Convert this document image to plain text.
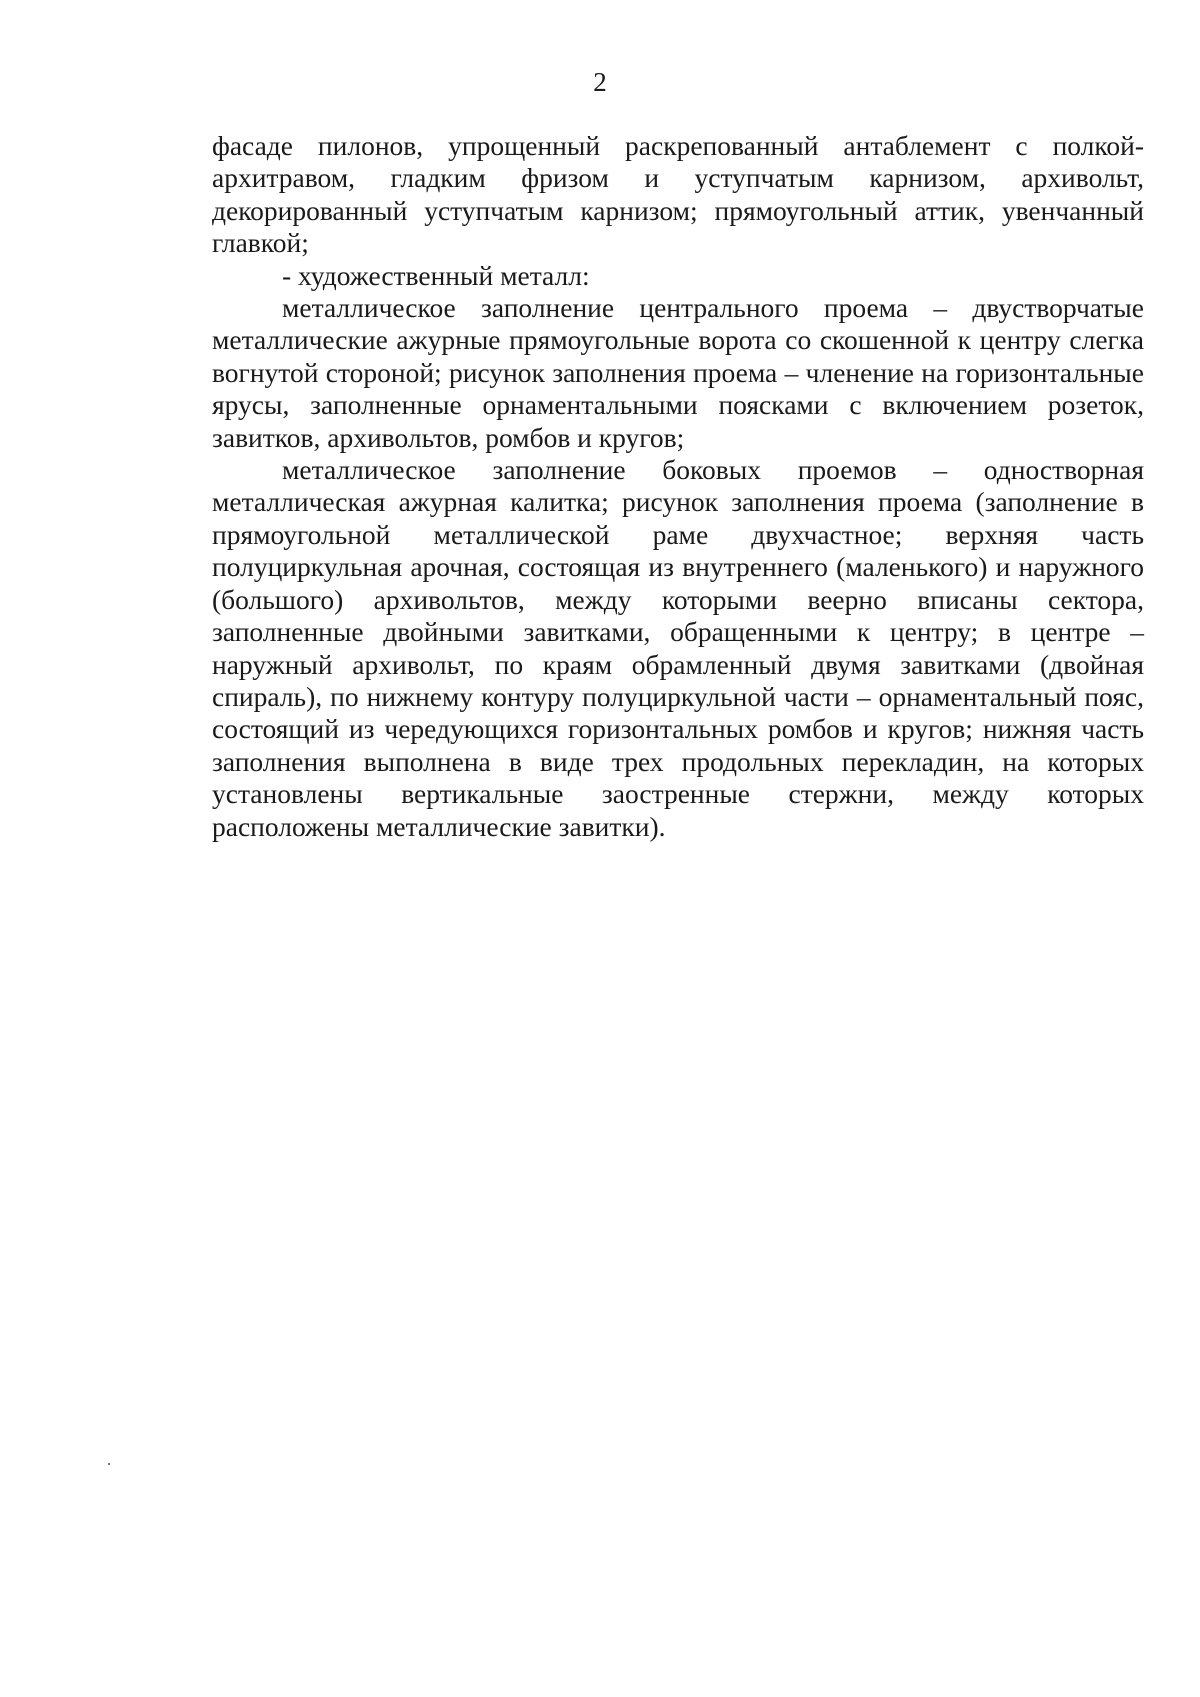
2

фасаде пилонов, упрощенный раскрепованный антаблемент с полкой-архитравом, гладким фризом и уступчатым карнизом, архивольт, декорированный уступчатым карнизом; прямоугольный аттик, увенчанный главкой;

- художественный металл:

металлическое заполнение центрального проема – двустворчатые металлические ажурные прямоугольные ворота со скошенной к центру слегка вогнутой стороной; рисунок заполнения проема – членение на горизонтальные ярусы, заполненные орнаментальными поясками с включением розеток, завитков, архивольтов, ромбов и кругов;

металлическое заполнение боковых проемов – одностворная металлическая ажурная калитка; рисунок заполнения проема (заполнение в прямоугольной металлической раме двухчастное; верхняя часть полуциркульная арочная, состоящая из внутреннего (маленького) и наружного (большого) архивольтов, между которыми веерно вписаны сектора, заполненные двойными завитками, обращенными к центру; в центре – наружный архивольт, по краям обрамленный двумя завитками (двойная спираль), по нижнему контуру полуциркульной части – орнаментальный пояс, состоящий из чередующихся горизонтальных ромбов и кругов; нижняя часть заполнения выполнена в виде трех продольных перекладин, на которых установлены вертикальные заостренные стержни, между которых расположены металлические завитки).
